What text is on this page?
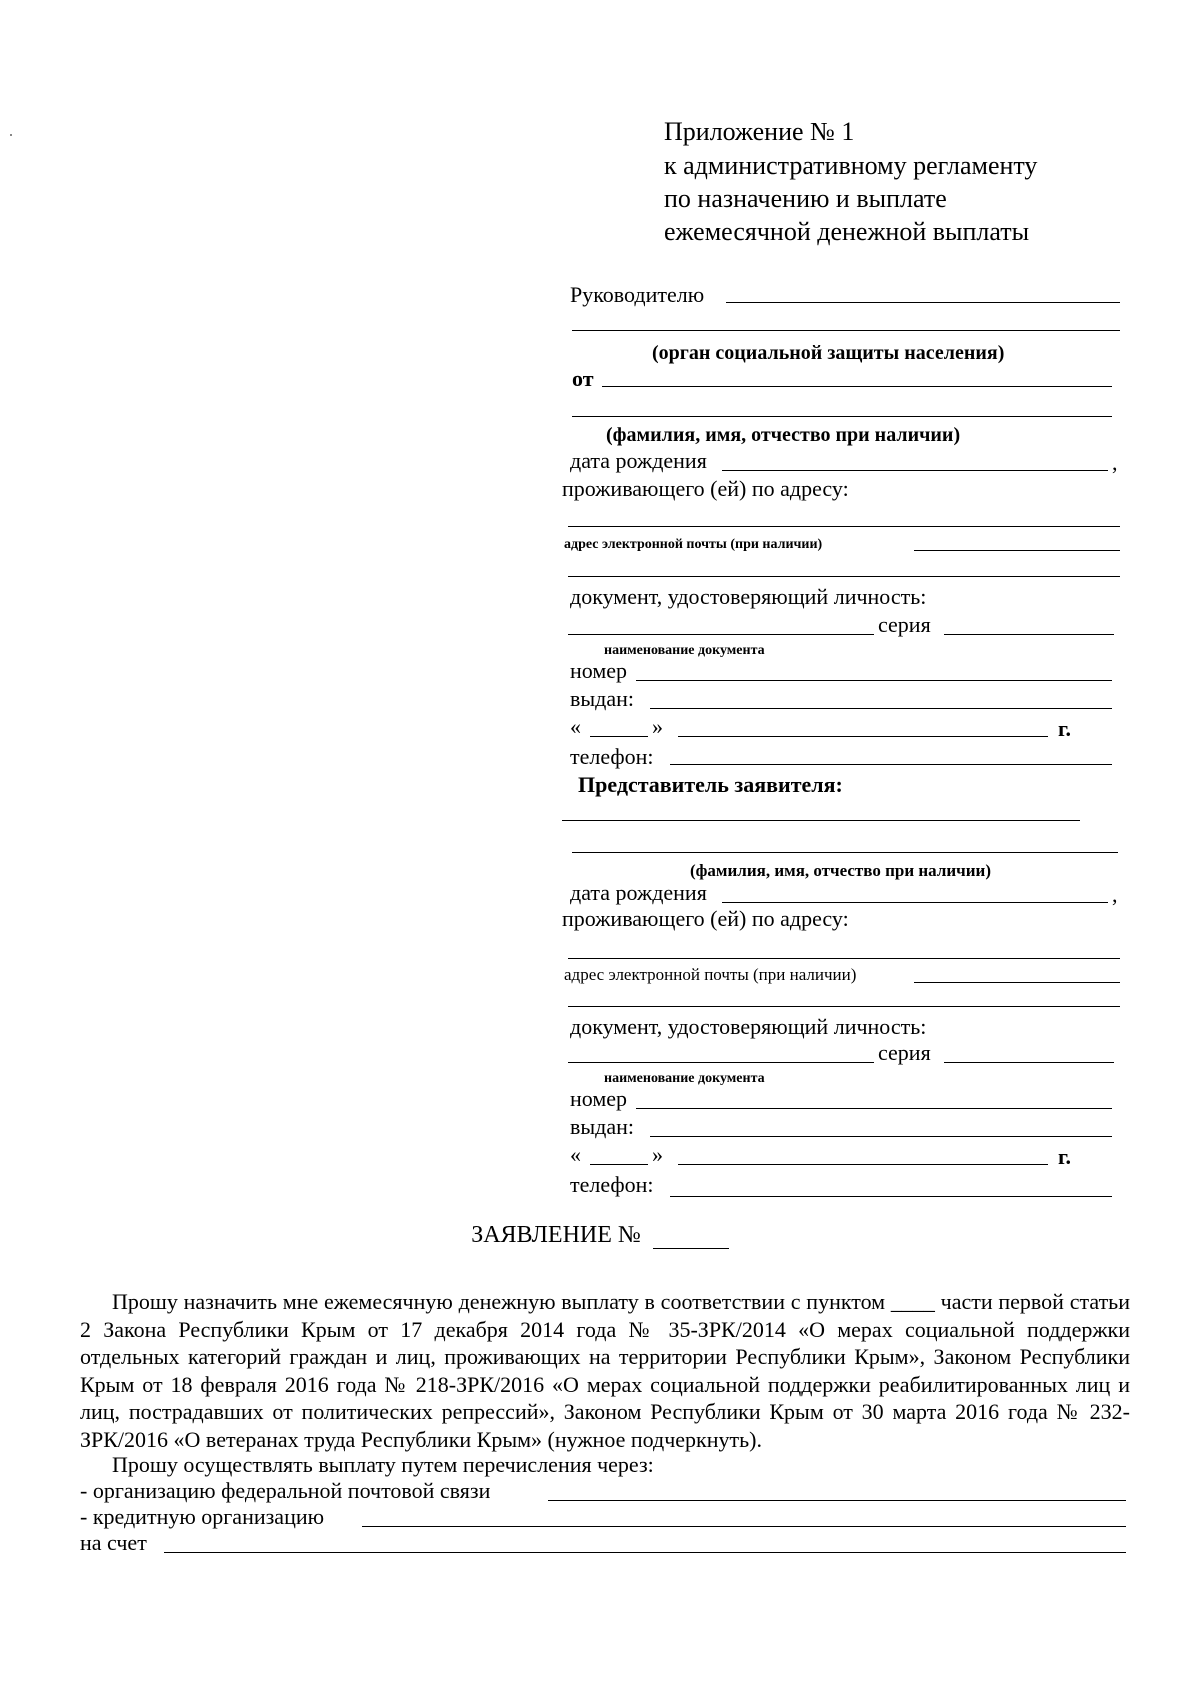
Приложение № 1
к административному регламенту
по назначению и выплате
ежемесячной денежной выплаты
Руководителю
(орган социальной защиты населения)
от
(фамилия, имя, отчество при наличии)
дата рождения	,
проживающего (ей) по адресу:
адрес электронной почты (при наличии)
документ, удостоверяющий личность:
серия
наименование документа
номер
выдан:
«	»	г.
телефон:
Представитель заявителя:
(фамилия, имя, отчество при наличии)
дата рождения	,
проживающего (ей) по адресу:
адрес электронной почты (при наличии)
документ, удостоверяющий личность:
серия
наименование документа
номер
выдан:
«	»	г.
телефон:
ЗАЯВЛЕНИЕ №
Прошу назначить мне ежемесячную денежную выплату в соответствии с пунктом ____ части первой статьи 2 Закона Республики Крым от 17 декабря 2014 года № 35-ЗРК/2014 «О мерах социальной поддержки отдельных категорий граждан и лиц, проживающих на территории Республики Крым», Законом Республики Крым от 18 февраля 2016 года № 218-ЗРК/2016 «О мерах социальной поддержки реабилитированных лиц и лиц, пострадавших от политических репрессий», Законом Республики Крым от 30 марта 2016 года № 232-ЗРК/2016 «О ветеранах труда Республики Крым» (нужное подчеркнуть).
Прошу осуществлять выплату путем перечисления через:
- организацию федеральной почтовой связи
- кредитную организацию
на счет
